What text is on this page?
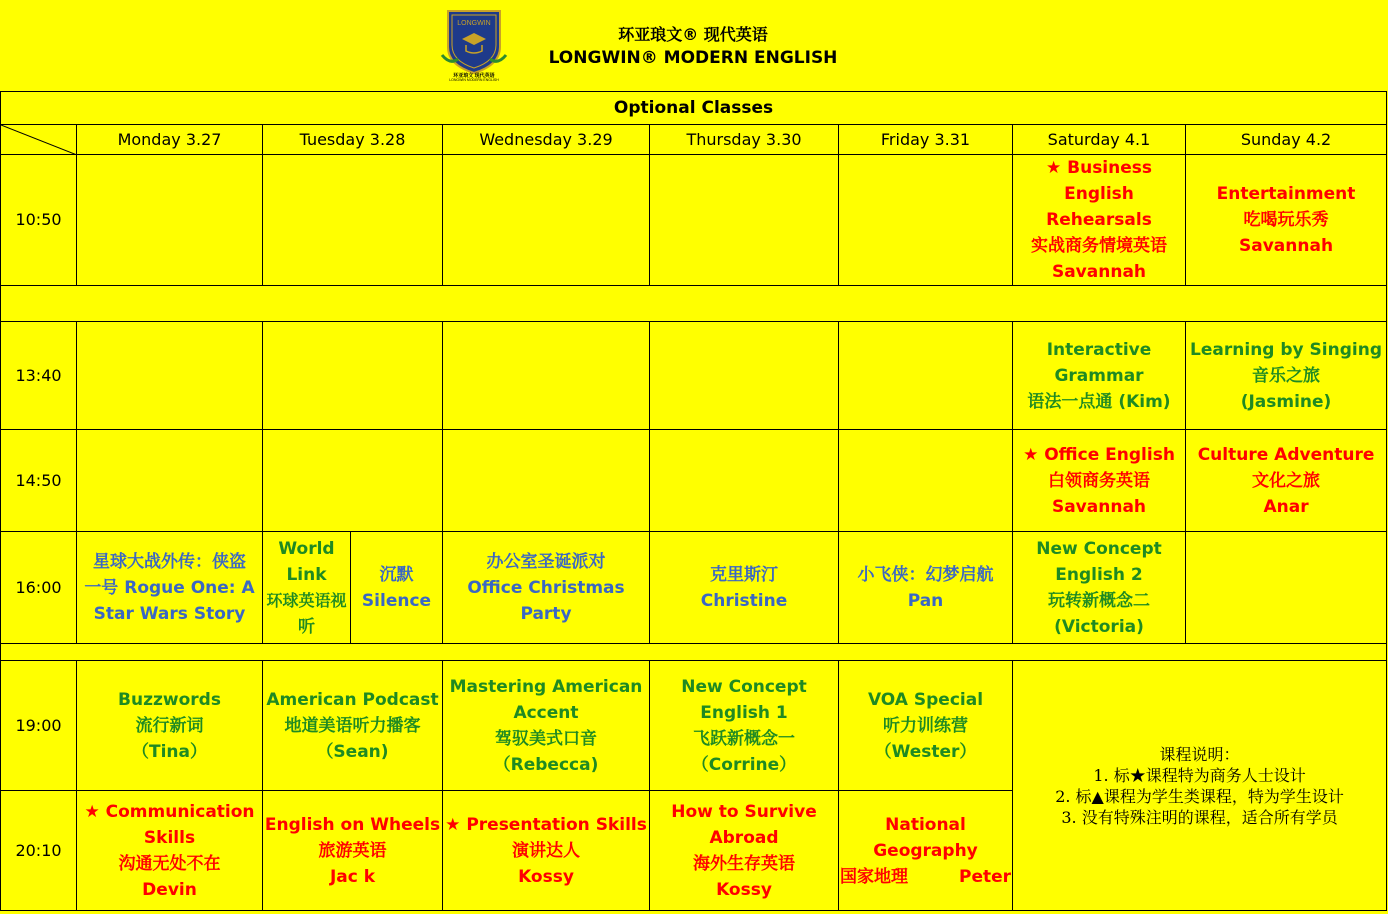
LONGWIN
环亚琅文 现代英语
LONGWIN MODERN ENGLISH
环亚琅文® 现代英语
LONGWIN® MODERN ENGLISH
Optional Classes								

	Monday 3.27	Tuesday 3.28		Wednesday 3.29	Thursday 3.30	Friday 3.31	Saturday 4.1	Sunday 4.2
10:50							★ Business
English Rehearsals
实战商务情境英语
Savannah	Entertainment
吃喝玩乐秀
Savannah

13:40							Interactive
Grammar
语法一点通 (Kim)	Learning by Singing
音乐之旅　　　(Jasmine)

14:50							★ Office English
白领商务英语
Savannah	Culture Adventure
文化之旅
Anar

16:00	星球大战外传：侠盗
一号 Rogue One: A
Star Wars Story	World
Link
环球英语视
听	沉默
Silence	办公室圣诞派对
Office Christmas Party	克里斯汀
Christine	小飞侠：幻梦启航
Pan	New Concept
English 2
玩转新概念二
(Victoria)	

19:00	Buzzwords
流行新词
（Tina）	American Podcast
地道美语听力播客
（Sean)		Mastering American
Accent
驾驭美式口音
（Rebecca)	New Concept
English 1
飞跃新概念一
（Corrine）	VOA Special
听力训练营
（Wester）	课程说明：
1. 标★课程特为商务人士设计
2. 标▲课程为学生类课程，特为学生设计
3. 没有特殊注明的课程，适合所有学员	

20:10	★ Communication
Skills
沟通无处不在
Devin	English on Wheels
旅游英语
Jac k		★ Presentation Skills
演讲达人
Kossy	How to Survive
Abroad
海外生存英语
Kossy	National
Geography
国家地理　　　Peter		
